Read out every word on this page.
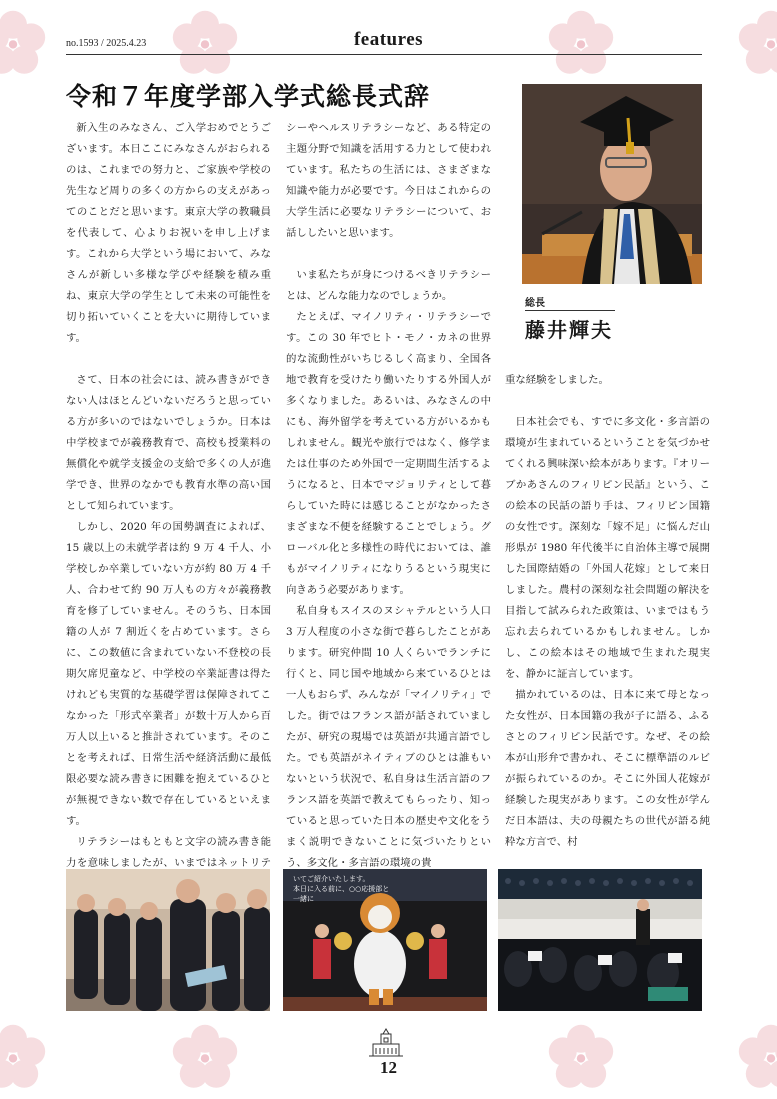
no.1593 / 2025.4.23	features
令和７年度学部入学式総長式辞

新入生のみなさん、ご入学おめでとうございます。本日ここにみなさんがおられるのは、これまでの努力と、ご家族や学校の先生など周りの多くの方からの支えがあってのことだと思います。東京大学の教職員を代表して、心よりお祝いを申し上げます。これから大学という場において、みなさんが新しい多様な学びや経験を積み重ね、東京大学の学生として未来の可能性を切り拓いていくことを大いに期待しています。

さて、日本の社会には、読み書きができない人はほとんどいないだろうと思っている方が多いのではないでしょうか。日本は中学校までが義務教育で、高校も授業料の無償化や就学支援金の支給で多くの人が進学でき、世界のなかでも教育水準の高い国として知られています。

しかし、2020 年の国勢調査によれば、15 歳以上の未就学者は約 9 万 4 千人、小学校しか卒業していない方が約 80 万 4 千人、合わせて約 90 万人もの方々が義務教育を修了していません。そのうち、日本国籍の人が 7 割近くを占めています。さらに、この数値に含まれていない不登校の長期欠席児童など、中学校の卒業証書は得たけれども実質的な基礎学習は保障されてこなかった「形式卒業者」が数十万人から百万人以上いると推計されています。そのことを考えれば、日常生活や経済活動に最低限必要な読み書きに困難を抱えているひとが無視できない数で存在しているといえます。

リテラシーはもともと文字の読み書き能力を意味しましたが、いまではネットリテ

シーやヘルスリテラシーなど、ある特定の主題分野で知識を活用する力として使われています。私たちの生活には、さまざまな知識や能力が必要です。今日はこれからの大学生活に必要なリテラシーについて、お話ししたいと思います。

いま私たちが身につけるべきリテラシーとは、どんな能力なのでしょうか。

たとえば、マイノリティ・リテラシーです。この 30 年でヒト・モノ・カネの世界的な流動性がいちじるしく高まり、全国各地で教育を受けたり働いたりする外国人が多くなりました。あるいは、みなさんの中にも、海外留学を考えている方がいるかもしれません。観光や旅行ではなく、修学または仕事のため外国で一定期間生活するようになると、日本でマジョリティとして暮らしていた時には感じることがなかったさまざまな不便を経験することでしょう。グローバル化と多様性の時代においては、誰もがマイノリティになりうるという現実に向きあう必要があります。

私自身もスイスのヌシャテルという人口 3 万人程度の小さな街で暮らしたことがあります。研究仲間 10 人くらいでランチに行くと、同じ国や地域から来ているひとは一人もおらず、みんなが「マイノリティ」でした。街ではフランス語が話されていましたが、研究の現場では英語が共通言語でした。でも英語がネイティブのひとは誰もいないという状況で、私自身は生活言語のフランス語を英語で教えてもらったり、知っていると思っていた日本の歴史や文化をうまく説明できないことに気づいたりという、多文化・多言語の環境の貴

重な経験をしました。

日本社会でも、すでに多文化・多言語の環境が生まれているということを気づかせてくれる興味深い絵本があります。『オリーブかあさんのフィリピン民話』という、この絵本の民話の語り手は、フィリピン国籍の女性です。深刻な「嫁不足」に悩んだ山形県が 1980 年代後半に自治体主導で展開した国際結婚の「外国人花嫁」として来日しました。農村の深刻な社会問題の解決を目指して試みられた政策は、いまではもう忘れ去られているかもしれません。しかし、この絵本はその地域で生まれた現実を、静かに証言しています。

描かれているのは、日本に来て母となった女性が、日本国籍の我が子に語る、ふるさとのフィリピン民話です。なぜ、その絵本が山形弁で書かれ、そこに標準語のルビが振られているのか。そこに外国人花嫁が経験した現実があります。この女性が学んだ日本語は、夫の母親たちの世代が語る純粋な方言で、村

総長
藤井輝夫
いてご紹介いたします。
本日に入る前に、○○応援部と
一緒に
12
